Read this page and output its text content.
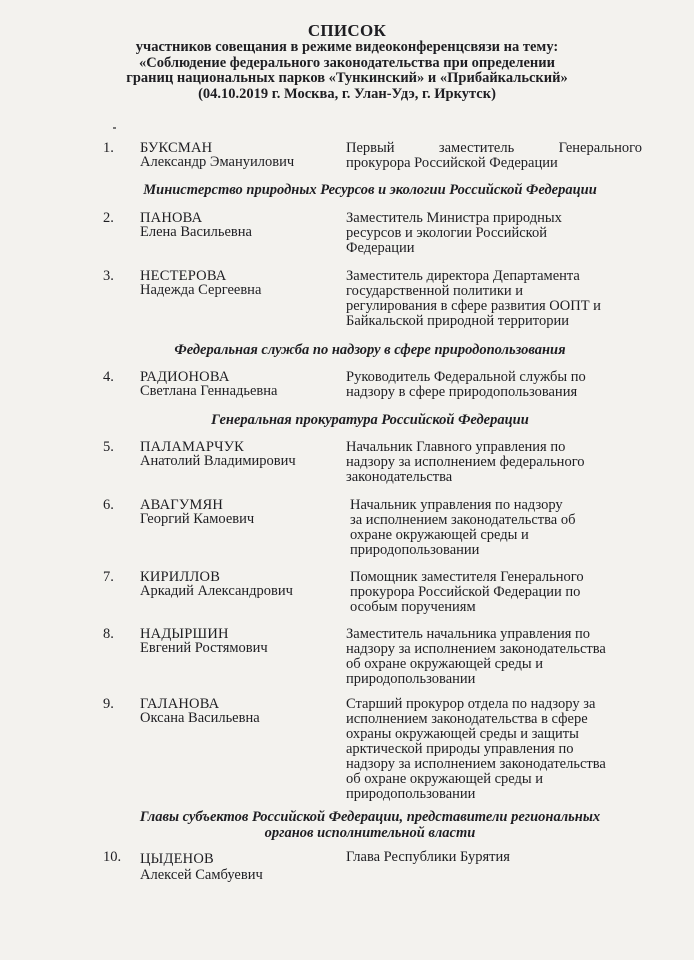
СПИСОК
участников совещания в режиме видеоконференцсвязи на тему:
«Соблюдение федерального законодательства при определении
границ национальных парков «Тункинский» и «Прибайкальский»
(04.10.2019 г. Москва, г. Улан-Удэ, г. Иркутск)
1. БУКСМАН
Александр Эмануилович
Первый заместитель Генерального
прокурора Российской Федерации
Министерство природных Ресурсов и экологии Российской Федерации
2. ПАНОВА
Елена Васильевна
Заместитель Министра природных
ресурсов и экологии Российской
Федерации
3. НЕСТЕРОВА
Надежда Сергеевна
Заместитель директора Департамента
государственной политики и
регулирования в сфере развития ООПТ и
Байкальской природной территории
Федеральная служба по надзору в сфере природопользования
4. РАДИОНОВА
Светлана Геннадьевна
Руководитель Федеральной службы по
надзору в сфере природопользования
Генеральная прокуратура Российской Федерации
5. ПАЛАМАРЧУК
Анатолий Владимирович
Начальник Главного управления по
надзору за исполнением федерального
законодательства
6. АВАГУМЯН
Георгий Камоевич
Начальник управления по надзору
за исполнением законодательства об
охране окружающей среды и
природопользовании
7. КИРИЛЛОВ
Аркадий Александрович
Помощник заместителя Генерального
прокурора Российской Федерации по
особым поручениям
8. НАДЫРШИН
Евгений Ростямович
Заместитель начальника управления по
надзору за исполнением законодательства
об охране окружающей среды и
природопользовании
9. ГАЛАНОВА
Оксана Васильевна
Старший прокурор отдела по надзору за
исполнением законодательства в сфере
охраны окружающей среды и защиты
арктической природы управления по
надзору за исполнением законодательства
об охране окружающей среды и
природопользовании
Главы субъектов Российской Федерации, представители региональных
органов исполнительной власти
10. ЦЫДЕНОВ
Алексей Самбуевич
Глава Республики Бурятия
